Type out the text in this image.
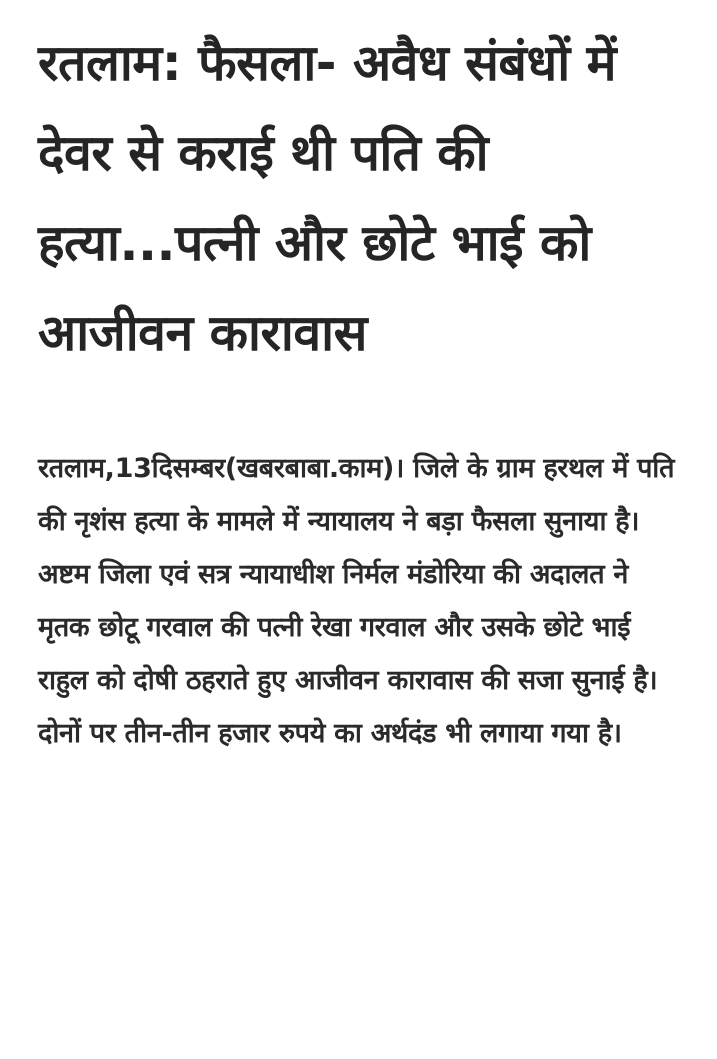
रतलाम: फैसला- अवैध संबंधों में देवर से कराई थी पति की हत्या...पत्नी और छोटे भाई को आजीवन कारावास

रतलाम,13दिसम्बर(खबरबाबा.काम)। जिले के ग्राम हरथल में पति की नृशंस हत्या के मामले में न्यायालय ने बड़ा फैसला सुनाया है। अष्टम जिला एवं सत्र न्यायाधीश निर्मल मंडोरिया की अदालत ने मृतक छोटू गरवाल की पत्नी रेखा गरवाल और उसके छोटे भाई राहुल को दोषी ठहराते हुए आजीवन कारावास की सजा सुनाई है। दोनों पर तीन-तीन हजार रुपये का अर्थदंड भी लगाया गया है।
